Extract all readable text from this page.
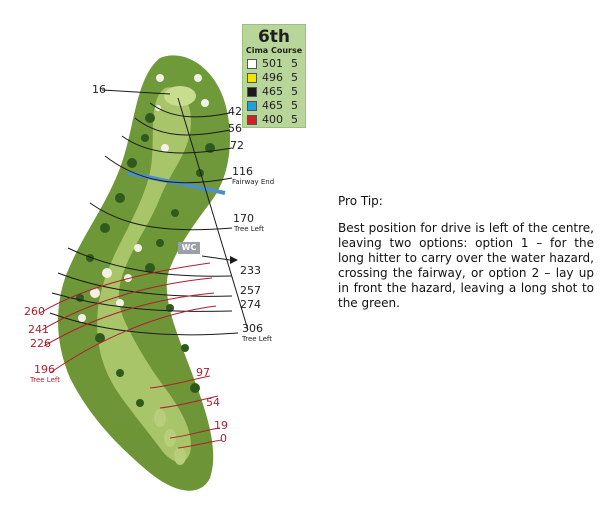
6th
Cima Course
501 5
496 5
465 5
465 5
400 5
16
42
56
72
116
Fairway End
170
Tree Left
233
257
274
306
Tree Left
WC
260
241
226
196
Tree Left
97
54
19
0
Pro Tip:
Best position for drive is left of the centre, leaving two options: option 1 – for the long hitter to carry over the water hazard, crossing the fairway, or option 2 – lay up in front the hazard, leaving a long shot to the green.
